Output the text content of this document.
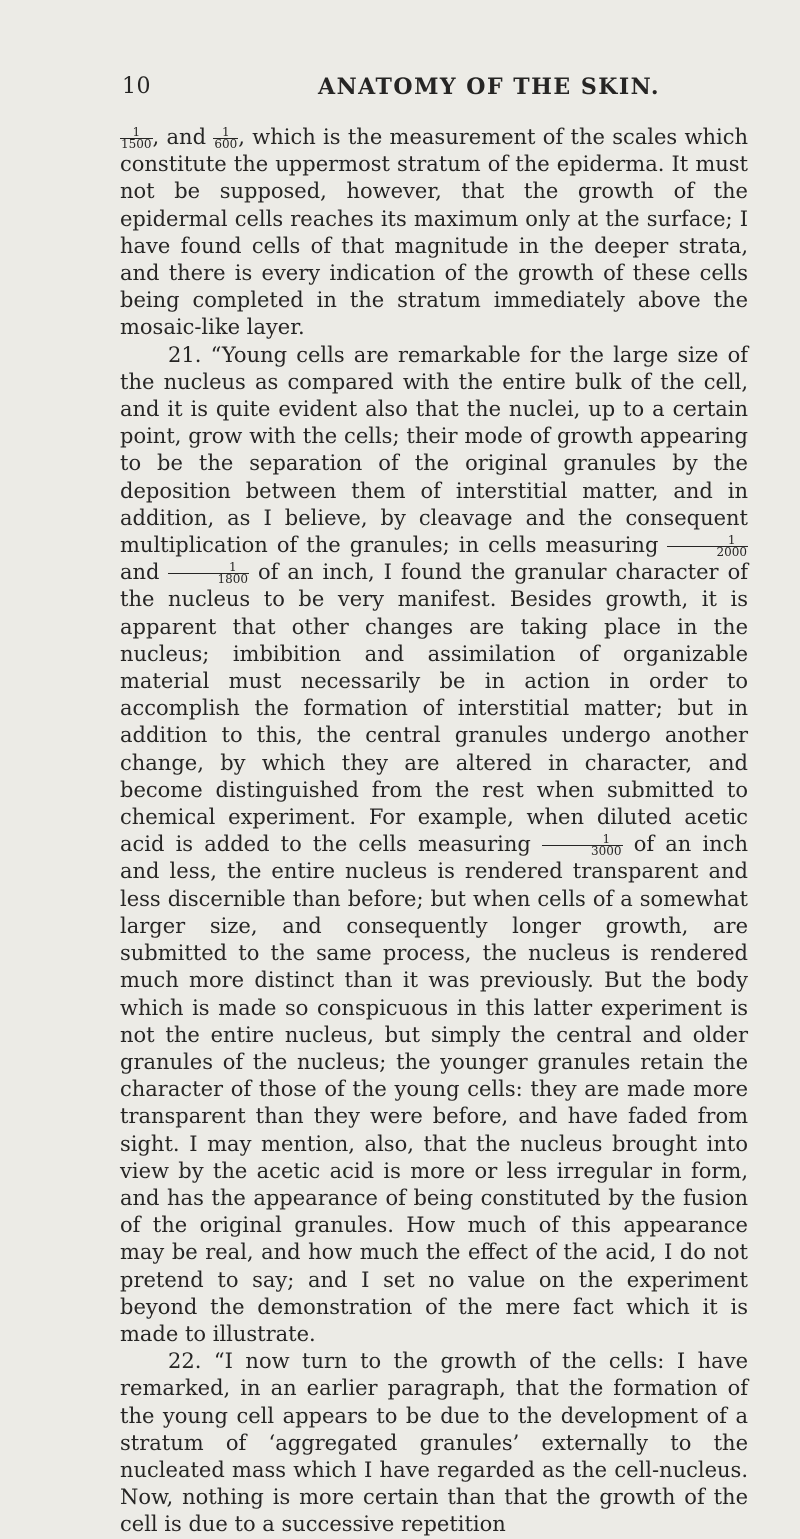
10	ANATOMY OF THE SKIN.

$\frac{1}{1500}$ , and $\frac{1}{600}$ , which is the measurement of the scales which constitute the uppermost stratum of the epiderma. It must not be supposed, however, that the growth of the epidermal cells reaches its maximum only at the surface; I have found cells of that magnitude in the deeper strata, and there is every indication of the growth of these cells being completed in the stratum immediately above the mosaic-like layer.

21. “Young cells are remarkable for the large size of the nucleus as compared with the entire bulk of the cell, and it is quite evident also that the nuclei, up to a certain point, grow with the cells; their mode of growth appearing to be the separation of the original granules by the deposition between them of interstitial matter, and in addition, as I believe, by cleavage and the consequent multiplication of the granules; in cells measuring $\frac{1}{2000}$
and $\frac{1}{1800}$ of an inch, I found the granular character of the nucleus to be very manifest. Besides growth, it is apparent that other changes are taking place in the nucleus; imbibition and assimilation of organizable material must necessarily be in action in order to accomplish the formation of interstitial matter; but in addition to this, the central granules undergo another change, by which they are altered in character, and become distinguished from the rest when submitted to chemical experiment. For example, when diluted acetic acid is added to the cells measuring $\frac{1}{3000}$ of an inch and less, the entire nucleus is rendered transparent and less discernible than before; but when cells of a somewhat larger size, and consequently longer growth, are submitted to the same process, the nucleus is rendered much more distinct than it was previously. But the body which is made so conspicuous in this latter experiment is not the entire nucleus, but simply the central and older granules of the nucleus; the younger granules retain the character of those of the young cells: they are made more transparent than they were before, and have faded from sight. I may mention, also, that the nucleus brought into view by the acetic acid is more or less irregular in form, and has the appearance of being constituted by the fusion of the original granules. How much of this appearance may be real, and how much the effect of the acid, I do not pretend to say; and I set no value on the experiment beyond the demonstration of the mere fact which it is made to illustrate.

22. “I now turn to the growth of the cells: I have remarked, in an earlier paragraph, that the formation of the young cell appears to be due to the development of a stratum of ‘aggregated granules’ externally to the nucleated mass which I have regarded as the cell-nucleus. Now, nothing is more certain than that the growth of the cell is due to a successive repetition
